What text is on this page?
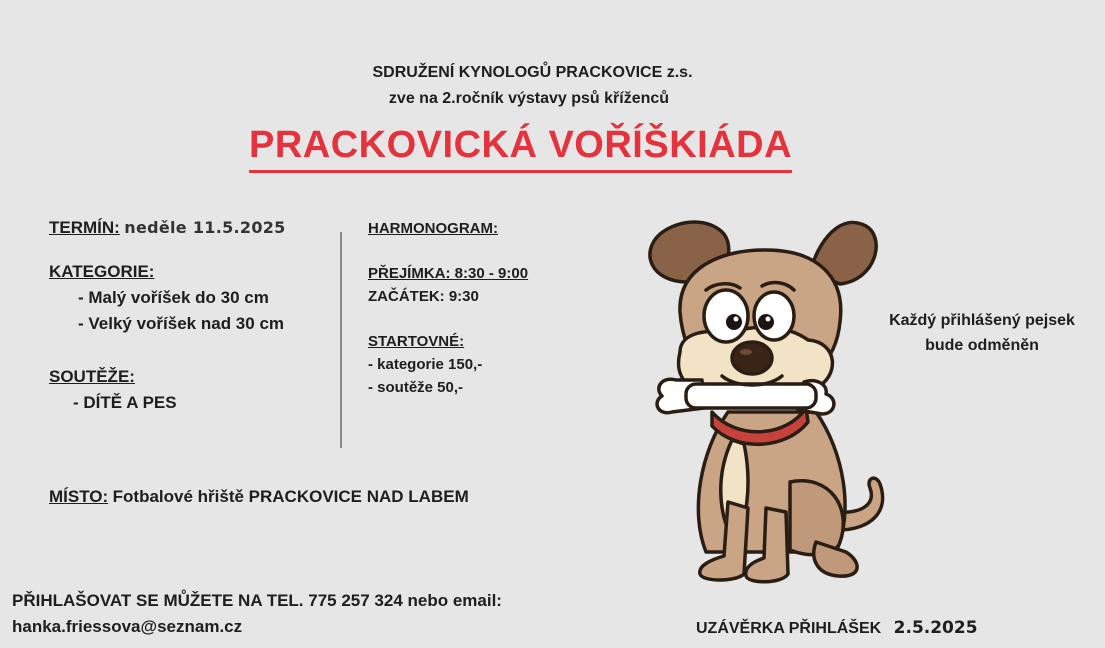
SDRUŽENÍ KYNOLOGŮ PRACKOVICE z.s.
zve na 2.ročník výstavy psů kříženců
PRACKOVICKÁ VOŘÍŠKIÁDA
TERMÍN: neděle 11.5.2025
KATEGORIE:
- Malý voříšek do 30 cm
- Velký voříšek nad 30 cm
SOUTĚŽE:
- DÍTĚ A PES
MÍSTO: Fotbalové hřiště PRACKOVICE NAD LABEM
HARMONOGRAM:
PŘEJÍMKA: 8:30 - 9:00
ZAČÁTEK: 9:30
STARTOVNÉ:
- kategorie 150,-
- soutěže 50,-
Každý přihlášený pejsek
bude odměněn
PŘIHLAŠOVAT SE MŮŽETE NA TEL. 775 257 324 nebo email:
hanka.friessova@seznam.cz	UZÁVĚRKA PŘIHLÁŠEK 2.5.2025
